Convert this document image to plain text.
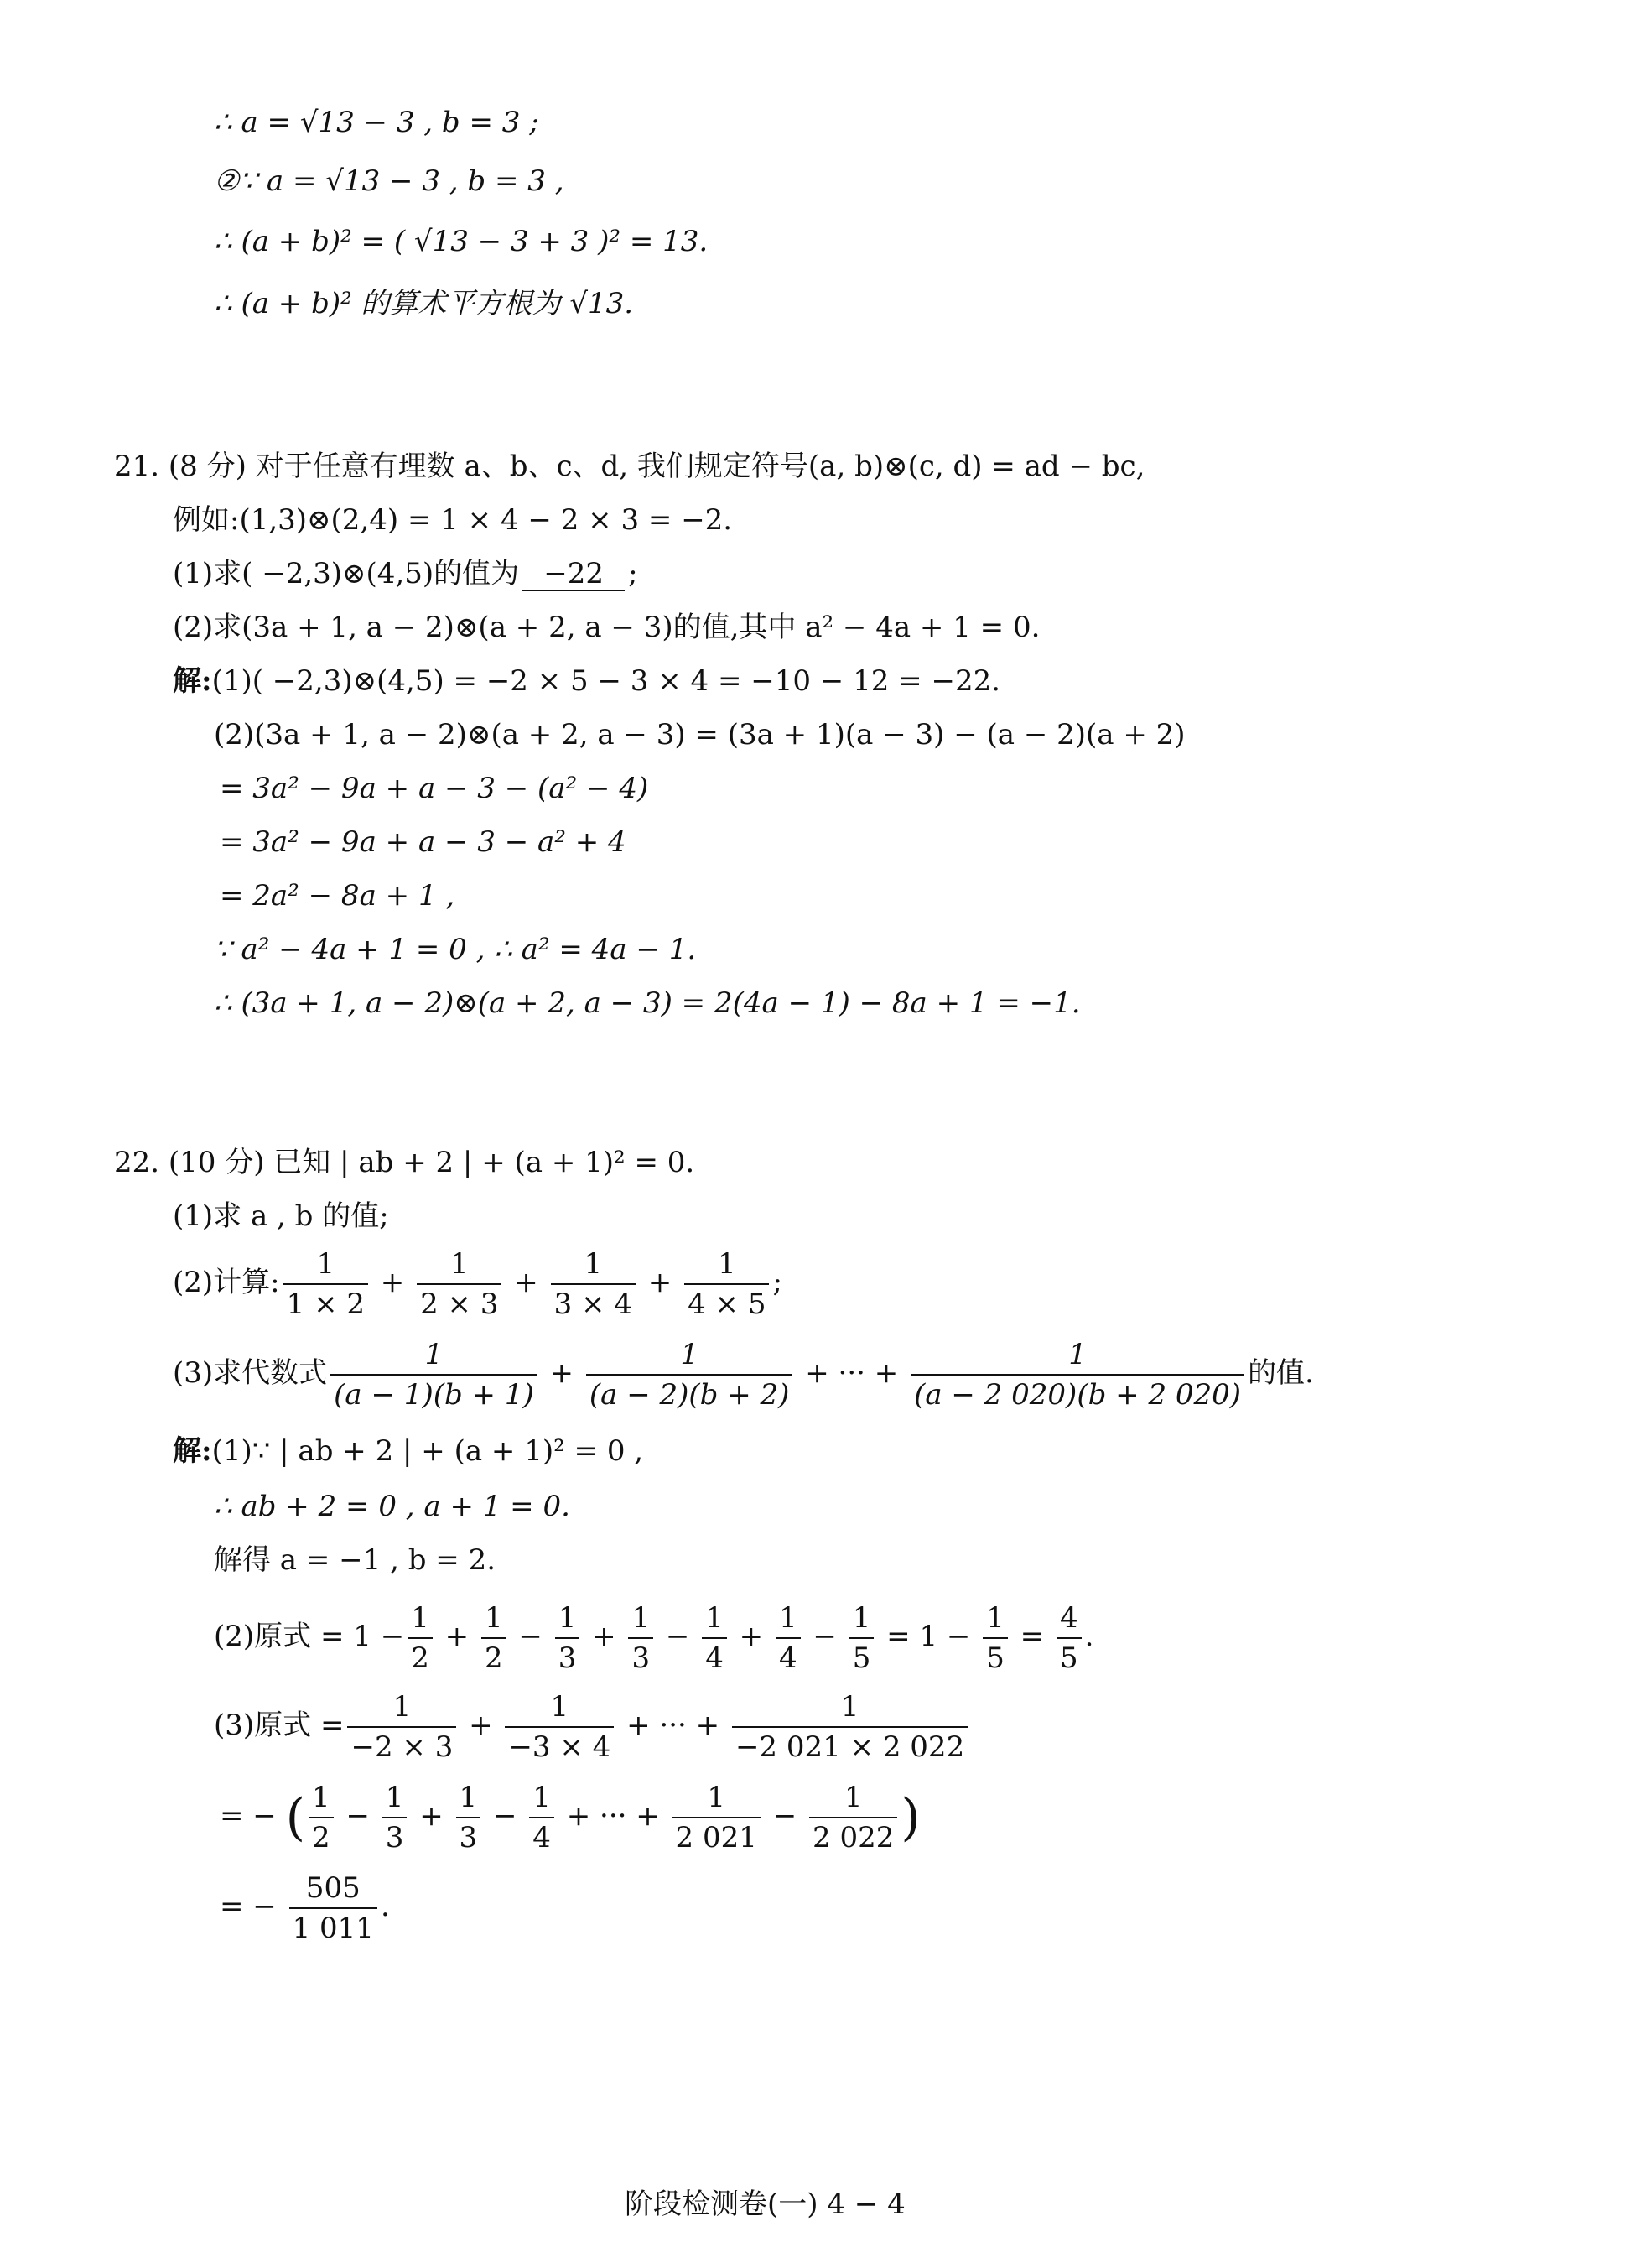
∴ a = √13 − 3 , b = 3 ;
②∵ a = √13 − 3 , b = 3 ,
∴ (a + b)² = ( √13 − 3 + 3 )² = 13.
∴ (a + b)² 的算术平方根为 √13.
21. (8 分) 对于任意有理数 a、b、c、d, 我们规定符号(a, b)⊗(c, d) = ad − bc,
例如:(1,3)⊗(2,4) = 1 × 4 − 2 × 3 = −2.
(1)求( −2,3)⊗(4,5)的值为 −22 ;
(2)求(3a + 1, a − 2)⊗(a + 2, a − 3)的值,其中 a² − 4a + 1 = 0.
解:(1)( −2,3)⊗(4,5) = −2 × 5 − 3 × 4 = −10 − 12 = −22.
(2)(3a + 1, a − 2)⊗(a + 2, a − 3) = (3a + 1)(a − 3) − (a − 2)(a + 2)
= 3a² − 9a + a − 3 − (a² − 4)
= 3a² − 9a + a − 3 − a² + 4
= 2a² − 8a + 1 ,
∵ a² − 4a + 1 = 0 , ∴ a² = 4a − 1.
∴ (3a + 1, a − 2)⊗(a + 2, a − 3) = 2(4a − 1) − 8a + 1 = −1.
22. (10 分) 已知 | ab + 2 | + (a + 1)² = 0.
(1)求 a , b 的值;
(2)计算: $\frac{1}{1 \times 2} + \frac{1}{2 \times 3} + \frac{1}{3 \times 4} + \frac{1}{4 \times 5}$ ;
(3)求代数式 $\frac{1}{(a - 1)(b + 1)} + \frac{1}{(a - 2)(b + 2)}$ + ··· + $\frac{1}{(a - 2 020)(b + 2 020)}$ 的值.
解:(1)∵ | ab + 2 | + (a + 1)² = 0 ,
∴ ab + 2 = 0 , a + 1 = 0.
解得 a = −1 , b = 2.
(2)原式 = $1 - \frac{1}{2} + \frac{1}{2} - \frac{1}{3} + \frac{1}{3} - \frac{1}{4} + \frac{1}{4} - \frac{1}{5} = 1 - \frac{1}{5} = \frac{4}{5}$ .
(3)原式 = $\frac{1}{-2 \times 3} + \frac{1}{-3 \times 4}$ + ··· + $\frac{1}{-2 021 \times 2 022}$
= − ( $\frac{1}{2} - \frac{1}{3} + \frac{1}{3} - \frac{1}{4}$ + ··· + $\frac{1}{2 021} - \frac{1}{2 022}$ )
= − $\frac{505}{1 011}$ .
阶段检测卷(一) 4 − 4
